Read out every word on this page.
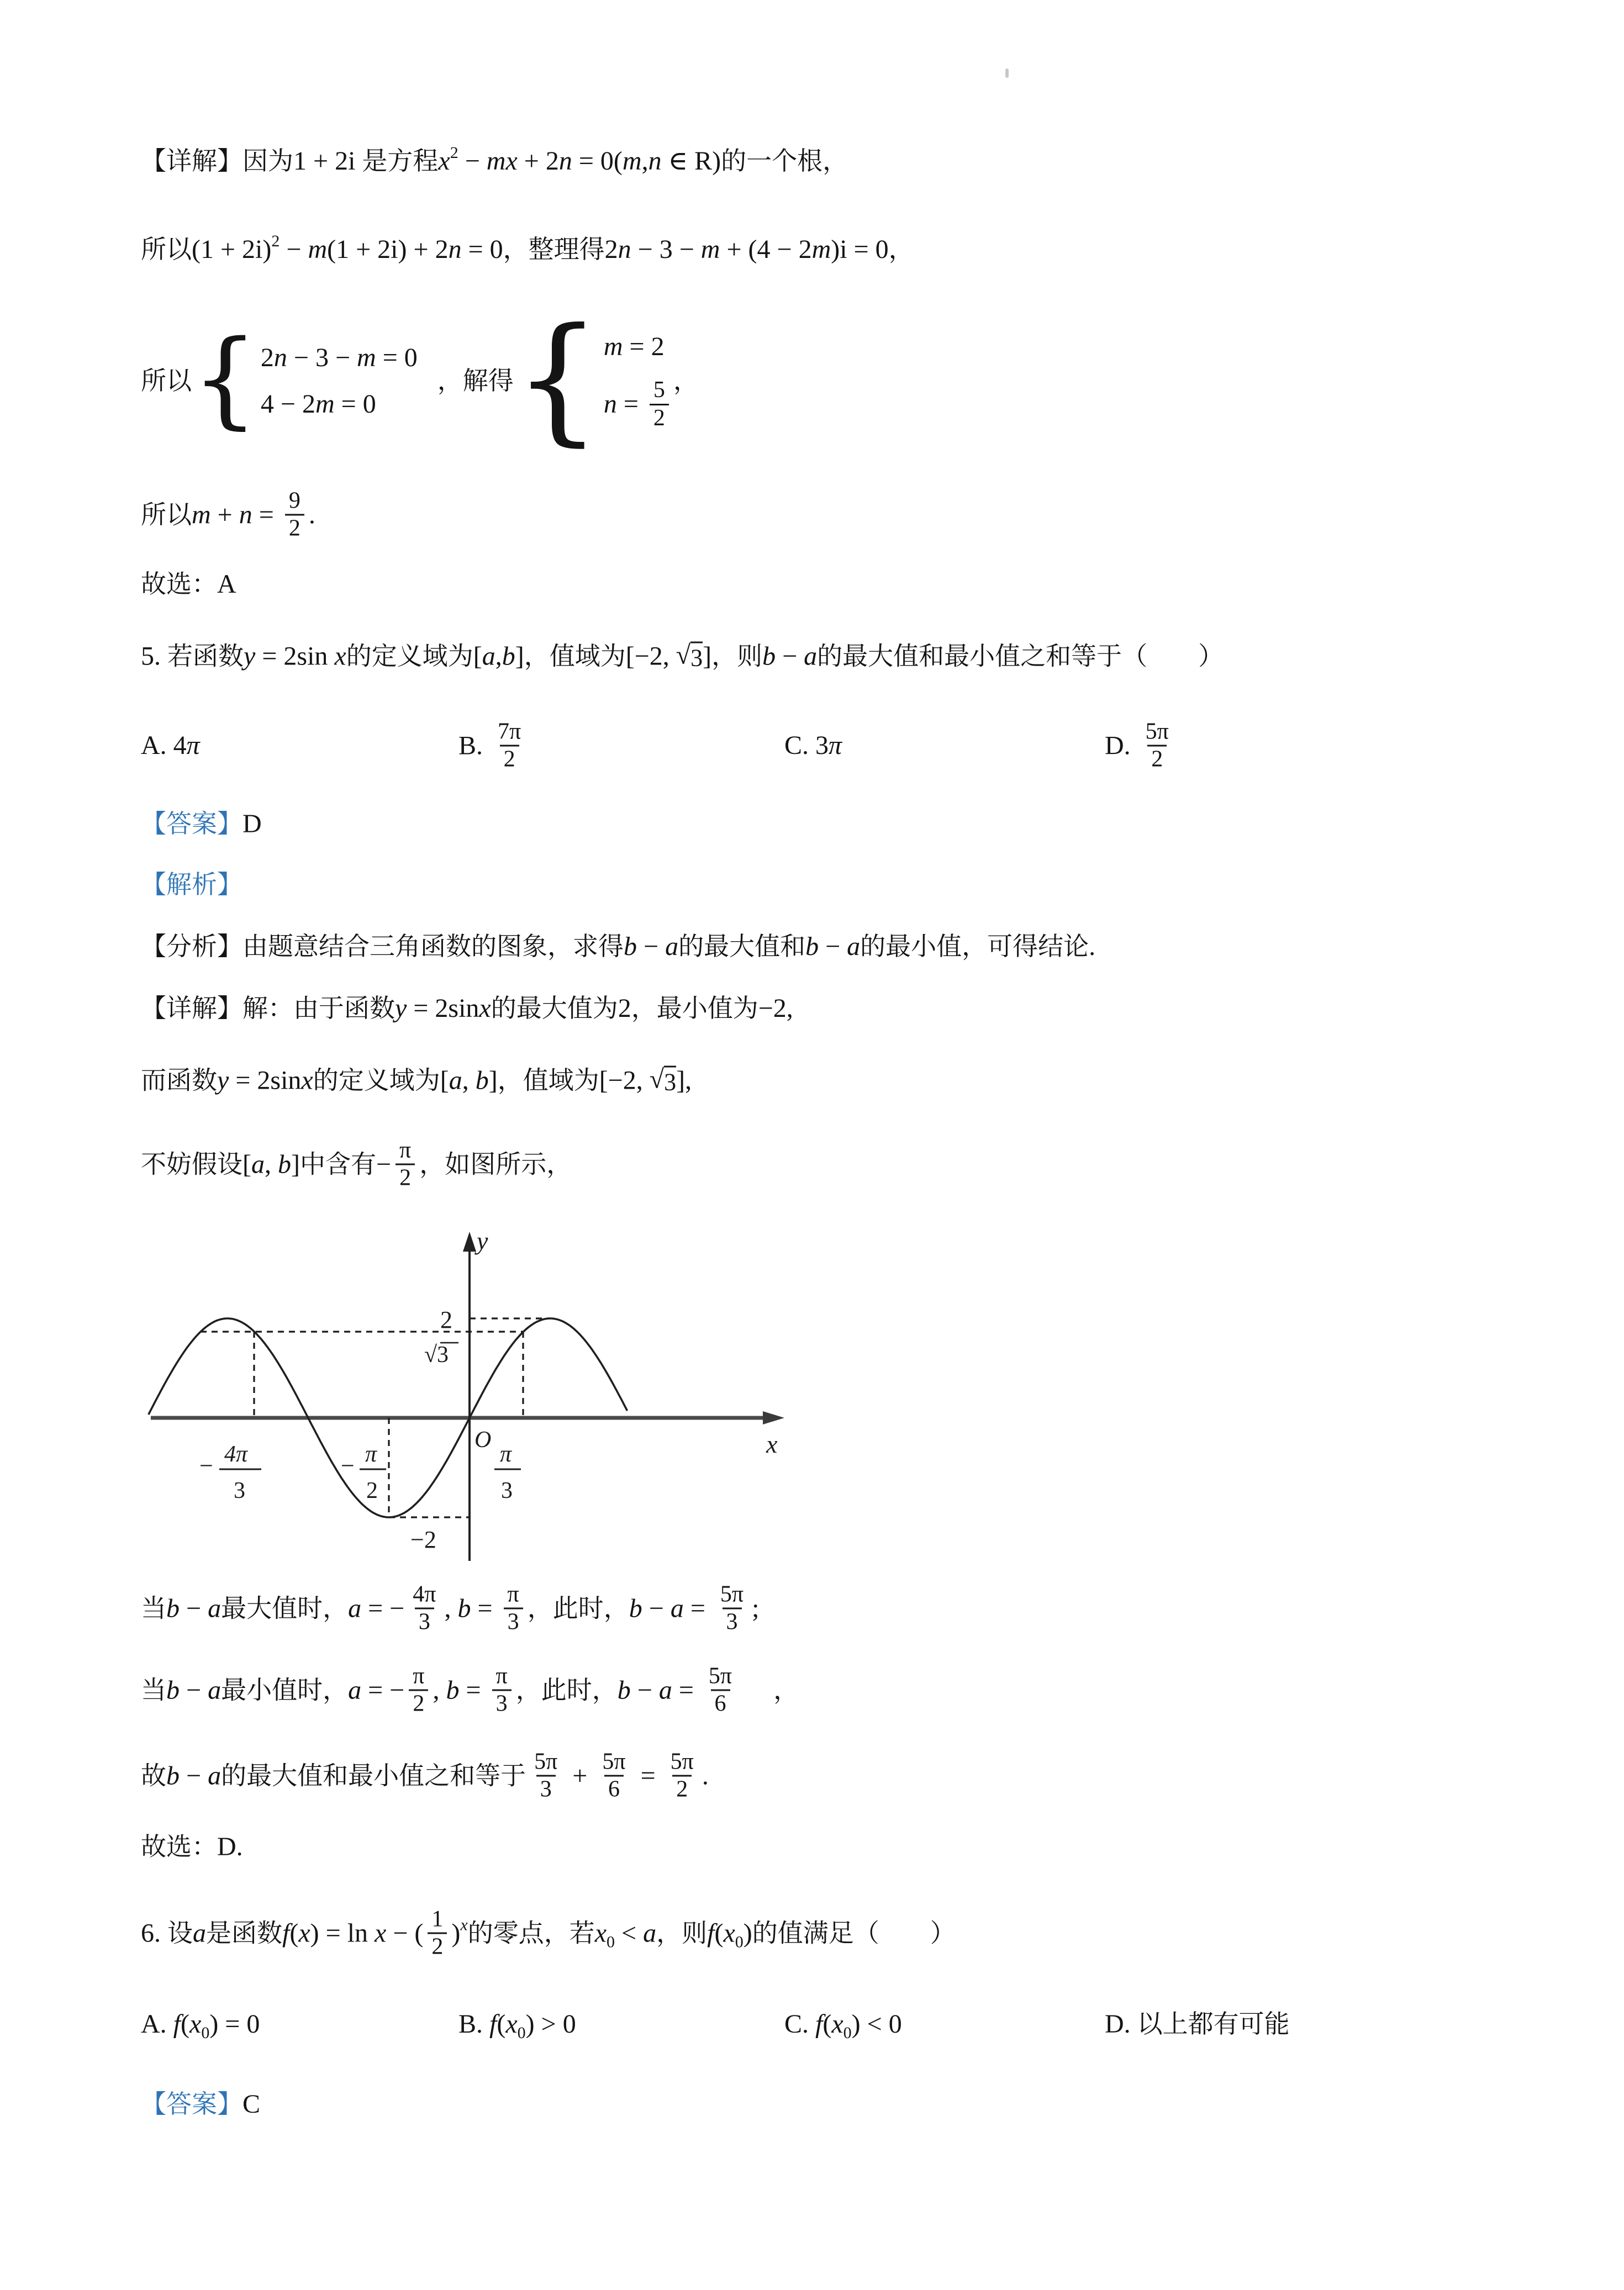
【详解】因为 1 + 2i 是方程 x 2 − mx + 2 n = 0( m , n ∈ R) 的一个根，
所以 (1 + 2i) 2 − m (1 + 2i) + 2 n = 0 ，整理得 2 n − 3 − m + (4 − 2 m )i = 0 ，
所以 { 2 n − 3 − m = 0
4 − 2 m = 0
，解得 { m = 2
$n = \frac{5}{2}$ ，
所以 $m + n = \frac{9}{2}$ .
故选： A
5. 若函数 y = 2sin x 的定义域为 [ a , b ] ，值域为 [−2, √ 3 ] ，则 b − a 的最大值和最小值之和等于（　　）
A. 4 π	B. $\frac{7\pi}{2}$	C. 3 π	D. $\frac{5\pi}{2}$
【答案】 D
【解析】
【分析】由题意结合三角函数的图象，求得 b − a 的最大值和 b − a 的最小值，可得结论 .
【详解】解：由于函数 y = 2sin x 的最大值为 2 ，最小值为 −2,
而函数 y = 2sin x 的定义域为 [ a , b ] ，值域为 [−2, √ 3 ],
不妨假设 [ a , b ] 中含有 − $\frac{\pi}{2}$ ，如图所示，
当 b − a 最大值时， a = − $\frac{4\pi}{3}$ , $b = \frac{\pi}{3}$ ，此时， $b - a = \frac{5\pi}{3}$ ;
当 b − a 最小值时， a = − $\frac{\pi}{2}$ , $b = \frac{\pi}{3}$ ，此时， $b - a = \frac{5\pi}{6}$ ，
故 b − a 的最大值和最小值之和等于 $\frac{5\pi}{3} + \frac{5\pi}{6} = \frac{5\pi}{2}$ .
故选： D.
6. 设 a 是函数 f ( x ) = ln x − ( $\frac{1}{2}$ ) x 的零点，若 x 0 < a ，则 f ( x 0 ) 的值满足（　　）
A. f ( x 0 ) = 0	B. f ( x 0 ) > 0	C. f ( x 0 ) < 0	D. 以上都有可能
【答案】 C
y
x
O
2
√3
−2
− 4π
3
− π
2
π
3
